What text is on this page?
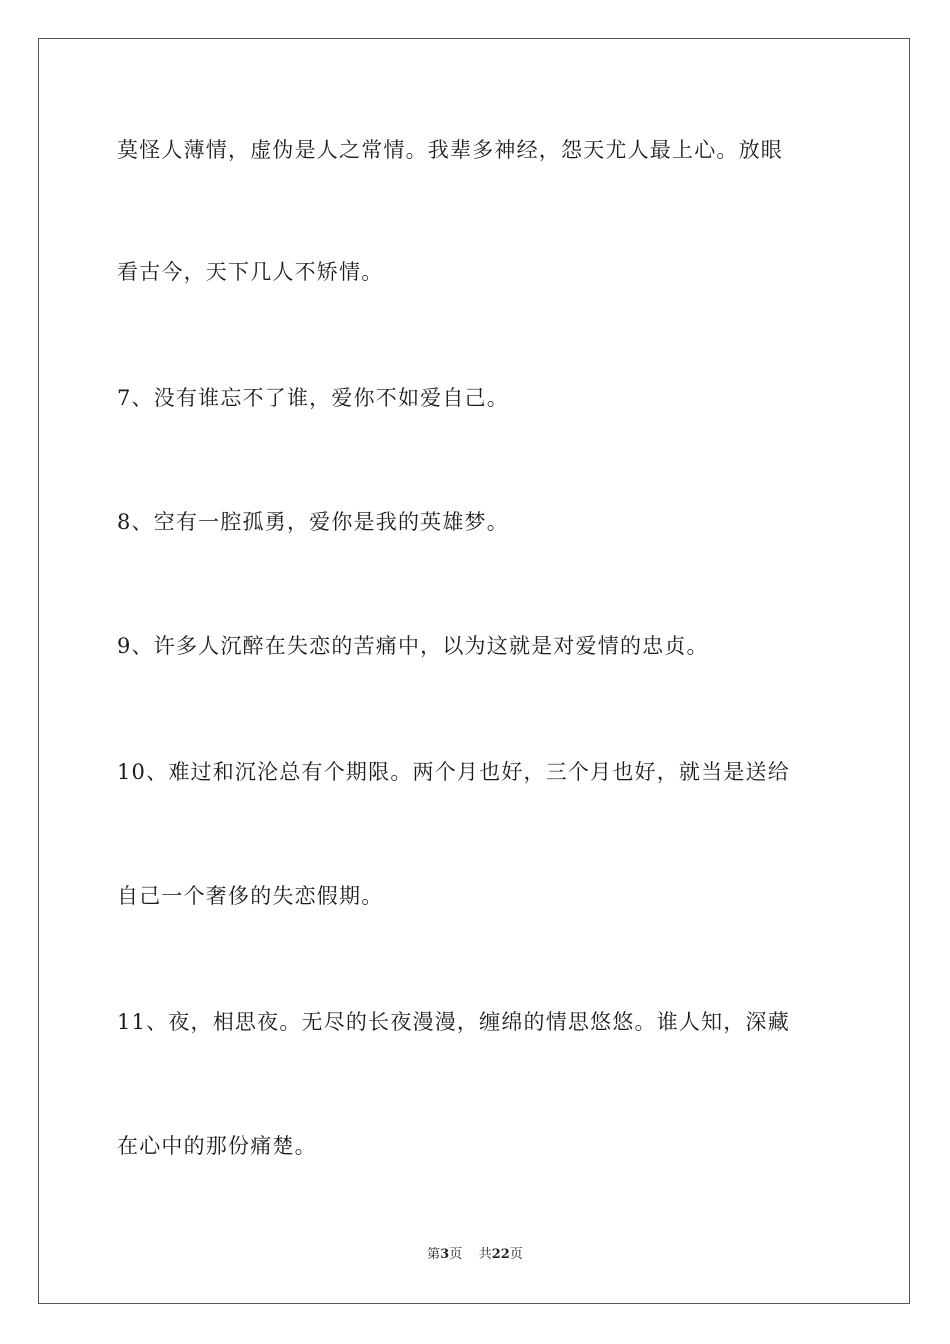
莫怪人薄情，虚伪是人之常情。我辈多神经，怨天尤人最上心。放眼
看古今，天下几人不矫情。
7、没有谁忘不了谁，爱你不如爱自己。
8、空有一腔孤勇，爱你是我的英雄梦。
9、许多人沉醉在失恋的苦痛中，以为这就是对爱情的忠贞。
10、难过和沉沦总有个期限。两个月也好，三个月也好，就当是送给
自己一个奢侈的失恋假期。
11、夜，相思夜。无尽的长夜漫漫，缠绵的情思悠悠。谁人知，深藏
在心中的那份痛楚。
第3页 共22页
